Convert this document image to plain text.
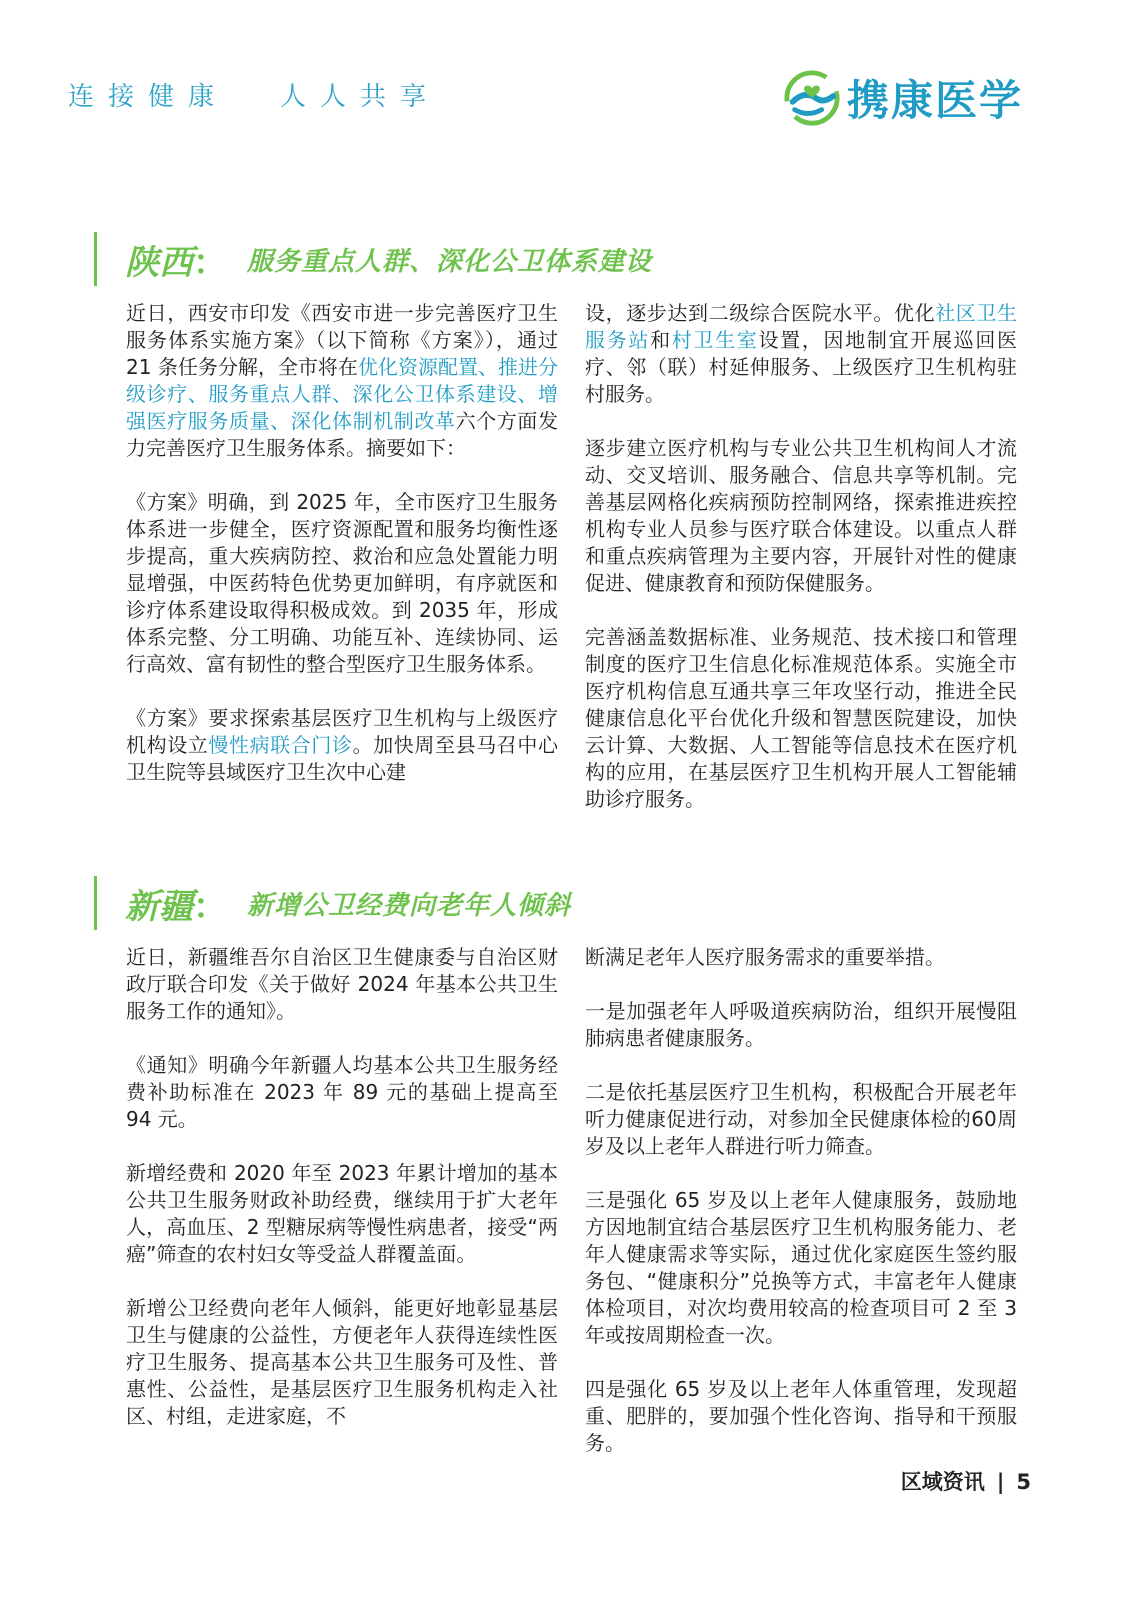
连接健康 人人共享	携康医学
陕西 ： 服务重点人群、深化公卫体系建设

近日，西安市印发《西安市进一步完善医疗卫生服务体系实施方案》（以下简称《方案》），通过 21 条任务分解，全市将在优化资源配置、推进分级诊疗、服务重点人群、深化公卫体系建设、增强医疗服务质量、深化体制机制改革六个方面发力完善医疗卫生服务体系。摘要如下：

《方案》明确，到 2025 年，全市医疗卫生服务体系进一步健全，医疗资源配置和服务均衡性逐步提高，重大疾病防控、救治和应急处置能力明显增强，中医药特色优势更加鲜明，有序就医和诊疗体系建设取得积极成效。到 2035 年，形成体系完整、分工明确、功能互补、连续协同、运行高效、富有韧性的整合型医疗卫生服务体系。

《方案》要求探索基层医疗卫生机构与上级医疗机构设立慢性病联合门诊。加快周至县马召中心卫生院等县域医疗卫生次中心建

设，逐步达到二级综合医院水平。优化社区卫生服务站和村卫生室设置，因地制宜开展巡回医疗、邻（联）村延伸服务、上级医疗卫生机构驻村服务。

逐步建立医疗机构与专业公共卫生机构间人才流动、交叉培训、服务融合、信息共享等机制。完善基层网格化疾病预防控制网络，探索推进疾控机构专业人员参与医疗联合体建设。以重点人群和重点疾病管理为主要内容，开展针对性的健康促进、健康教育和预防保健服务。

完善涵盖数据标准、业务规范、技术接口和管理制度的医疗卫生信息化标准规范体系。实施全市医疗机构信息互通共享三年攻坚行动，推进全民健康信息化平台优化升级和智慧医院建设，加快云计算、大数据、人工智能等信息技术在医疗机构的应用，在基层医疗卫生机构开展人工智能辅助诊疗服务。

新疆 ： 新增公卫经费向老年人倾斜

近日，新疆维吾尔自治区卫生健康委与自治区财政厅联合印发《关于做好 2024 年基本公共卫生服务工作的通知》。

《通知》明确今年新疆人均基本公共卫生服务经费补助标准在 2023 年 89 元的基础上提高至 94 元。

新增经费和 2020 年至 2023 年累计增加的基本公共卫生服务财政补助经费，继续用于扩大老年人，高血压、2 型糖尿病等慢性病患者，接受“两癌”筛查的农村妇女等受益人群覆盖面。

新增公卫经费向老年人倾斜，能更好地彰显基层卫生与健康的公益性，方便老年人获得连续性医疗卫生服务、提高基本公共卫生服务可及性、普惠性、公益性，是基层医疗卫生服务机构走入社区、村组，走进家庭，不

断满足老年人医疗服务需求的重要举措。

一是加强老年人呼吸道疾病防治，组织开展慢阻肺病患者健康服务。

二是依托基层医疗卫生机构，积极配合开展老年听力健康促进行动，对参加全民健康体检的60周岁及以上老年人群进行听力筛查。

三是强化 65 岁及以上老年人健康服务，鼓励地方因地制宜结合基层医疗卫生机构服务能力、老年人健康需求等实际，通过优化家庭医生签约服务包、“健康积分”兑换等方式，丰富老年人健康体检项目，对次均费用较高的检查项目可 2 至 3 年或按周期检查一次。

四是强化 65 岁及以上老年人体重管理，发现超重、肥胖的，要加强个性化咨询、指导和干预服务。

区域资讯 | 5
